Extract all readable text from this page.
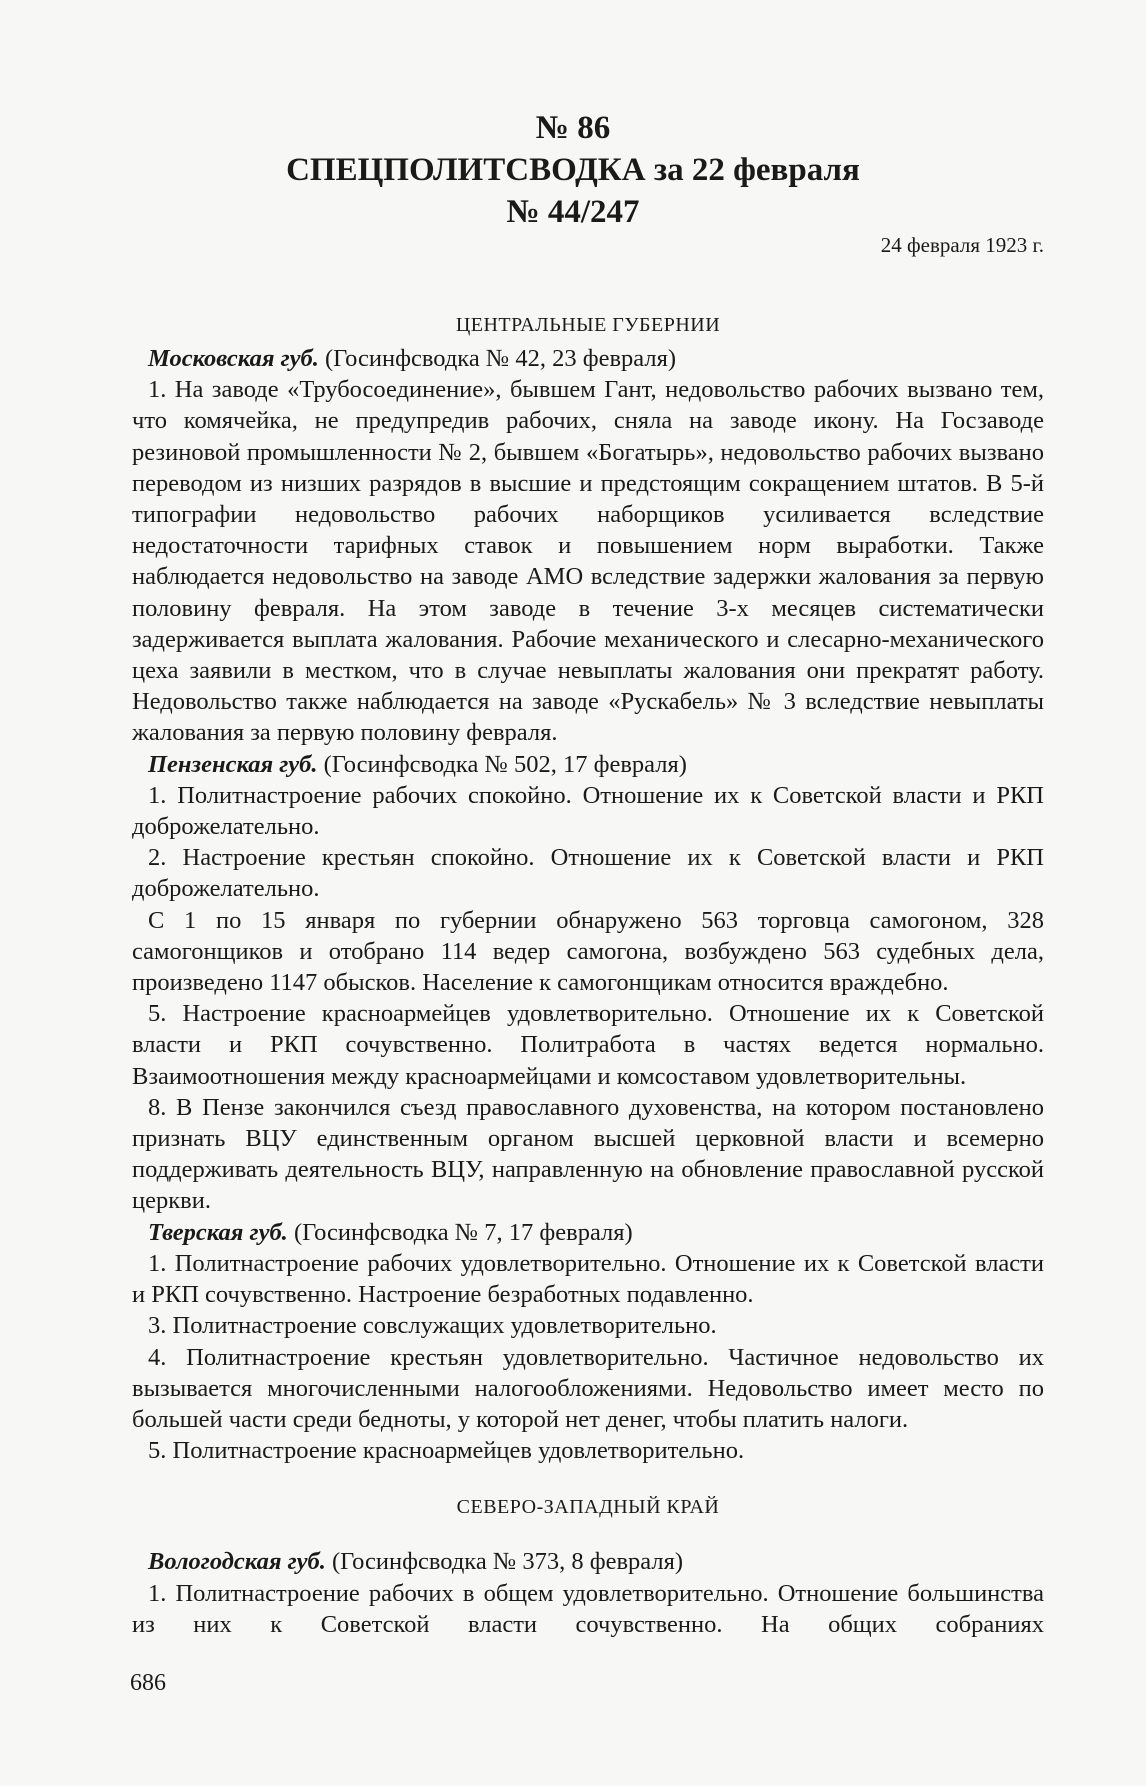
№ 86
СПЕЦПОЛИТСВОДКА за 22 февраля
№ 44/247
24 февраля 1923 г.
ЦЕНТРАЛЬНЫЕ ГУБЕРНИИ

Московская губ. (Госинфсводка № 42, 23 февраля)

1. На заводе «Трубосоединение», бывшем Гант, недовольство рабочих вызвано тем, что комячейка, не предупредив рабочих, сняла на заводе икону. На Госзаводе резиновой промышленности № 2, бывшем «Богатырь», недовольство рабочих вызвано переводом из низших разрядов в высшие и предстоящим сокращением штатов. В 5-й типографии недовольство рабочих наборщиков усиливается вследствие недостаточности тарифных ставок и повышением норм выработки. Также наблюдается недовольство на заводе АМО вследствие задержки жалования за первую половину февраля. На этом заводе в течение 3-х месяцев систематически задерживается выплата жалования. Рабочие механического и слесарно-механического цеха заявили в местком, что в случае невыплаты жалования они прекратят работу. Недовольство также наблюдается на заводе «Рускабель» № 3 вследствие невыплаты жалования за первую половину февраля.

Пензенская губ. (Госинфсводка № 502, 17 февраля)

1. Политнастроение рабочих спокойно. Отношение их к Советской власти и РКП доброжелательно.

2. Настроение крестьян спокойно. Отношение их к Советской власти и РКП доброжелательно.

С 1 по 15 января по губернии обнаружено 563 торговца самогоном, 328 самогонщиков и отобрано 114 ведер самогона, возбуждено 563 судебных дела, произведено 1147 обысков. Население к самогонщикам относится враждебно.

5. Настроение красноармейцев удовлетворительно. Отношение их к Советской власти и РКП сочувственно. Политработа в частях ведется нормально. Взаимоотношения между красноармейцами и комсоставом удовлетворительны.

8. В Пензе закончился съезд православного духовенства, на котором постановлено признать ВЦУ единственным органом высшей церковной власти и всемерно поддерживать деятельность ВЦУ, направленную на обновление православной русской церкви.

Тверская губ. (Госинфсводка № 7, 17 февраля)

1. Политнастроение рабочих удовлетворительно. Отношение их к Советской власти и РКП сочувственно. Настроение безработных подавленно.

3. Политнастроение совслужащих удовлетворительно.

4. Политнастроение крестьян удовлетворительно. Частичное недовольство их вызывается многочисленными налогообложениями. Недовольство имеет место по большей части среди бедноты, у которой нет денег, чтобы платить налоги.

5. Политнастроение красноармейцев удовлетворительно.

СЕВЕРО-ЗАПАДНЫЙ КРАЙ

Вологодская губ. (Госинфсводка № 373, 8 февраля)

1. Политнастроение рабочих в общем удовлетворительно. Отношение большинства из них к Советской власти сочувственно. На общих собраниях

686
